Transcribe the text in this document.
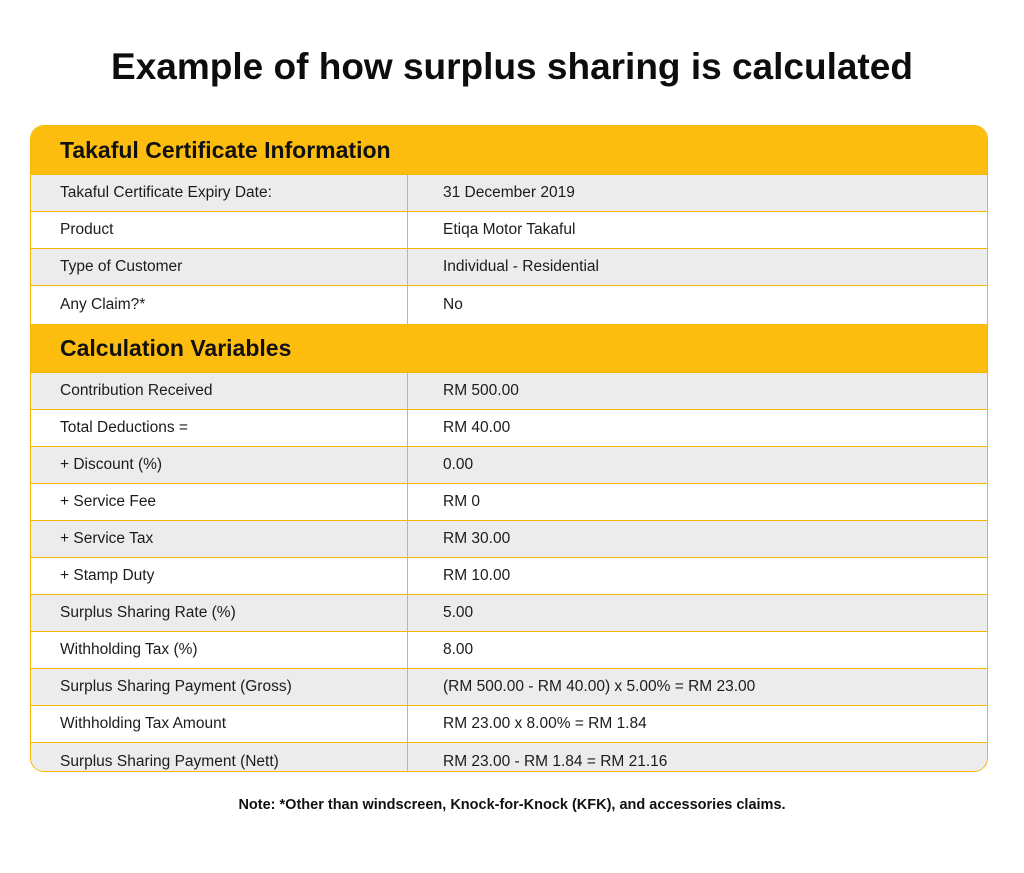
Example of how surplus sharing is calculated
Takaful Certificate Information
Takaful Certificate Expiry Date:	31 December 2019
Product	Etiqa Motor Takaful
Type of Customer	Individual - Residential
Any Claim?*	No
Calculation Variables
Contribution Received	RM 500.00
Total Deductions =	RM 40.00
+ Discount (%)	0.00
+ Service Fee	RM 0
+ Service Tax	RM 30.00
+ Stamp Duty	RM 10.00
Surplus Sharing Rate (%)	5.00
Withholding Tax (%)	8.00
Surplus Sharing Payment (Gross)	(RM 500.00 - RM 40.00) x 5.00% = RM 23.00
Withholding Tax Amount	RM 23.00 x 8.00% = RM 1.84
Surplus Sharing Payment (Nett)	RM 23.00 - RM 1.84 = RM 21.16
Note: *Other than windscreen, Knock-for-Knock (KFK), and accessories claims.
